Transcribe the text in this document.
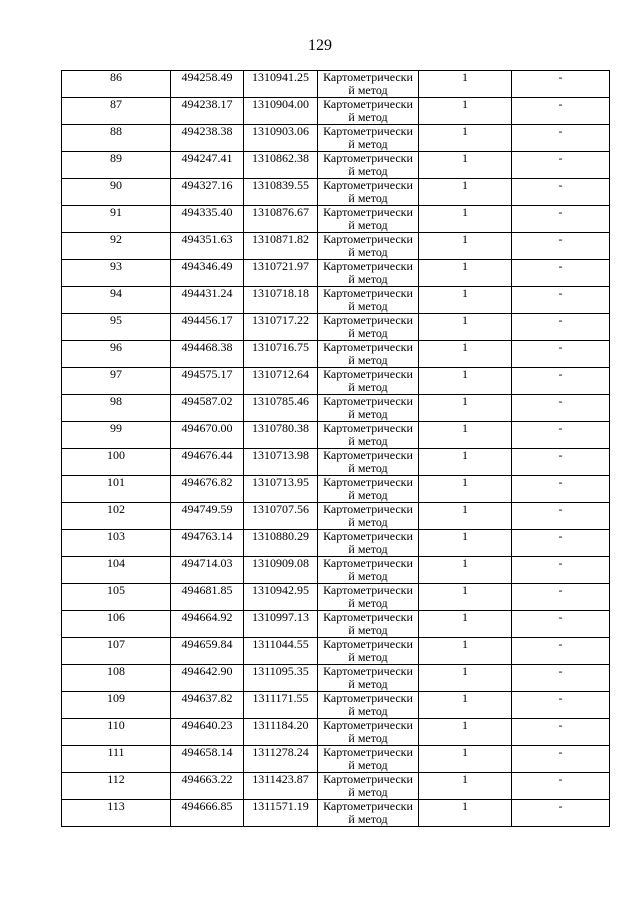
129
86	494258.49	1310941.25	Картометрически
й метод	1	-
87	494238.17	1310904.00	Картометрически
й метод	1	-
88	494238.38	1310903.06	Картометрически
й метод	1	-
89	494247.41	1310862.38	Картометрически
й метод	1	-
90	494327.16	1310839.55	Картометрически
й метод	1	-
91	494335.40	1310876.67	Картометрически
й метод	1	-
92	494351.63	1310871.82	Картометрически
й метод	1	-
93	494346.49	1310721.97	Картометрически
й метод	1	-
94	494431.24	1310718.18	Картометрически
й метод	1	-
95	494456.17	1310717.22	Картометрически
й метод	1	-
96	494468.38	1310716.75	Картометрически
й метод	1	-
97	494575.17	1310712.64	Картометрически
й метод	1	-
98	494587.02	1310785.46	Картометрически
й метод	1	-
99	494670.00	1310780.38	Картометрически
й метод	1	-
100	494676.44	1310713.98	Картометрически
й метод	1	-
101	494676.82	1310713.95	Картометрически
й метод	1	-
102	494749.59	1310707.56	Картометрически
й метод	1	-
103	494763.14	1310880.29	Картометрически
й метод	1	-
104	494714.03	1310909.08	Картометрически
й метод	1	-
105	494681.85	1310942.95	Картометрически
й метод	1	-
106	494664.92	1310997.13	Картометрически
й метод	1	-
107	494659.84	1311044.55	Картометрически
й метод	1	-
108	494642.90	1311095.35	Картометрически
й метод	1	-
109	494637.82	1311171.55	Картометрически
й метод	1	-
110	494640.23	1311184.20	Картометрически
й метод	1	-
111	494658.14	1311278.24	Картометрически
й метод	1	-
112	494663.22	1311423.87	Картометрически
й метод	1	-
113	494666.85	1311571.19	Картометрически
й метод	1	-
